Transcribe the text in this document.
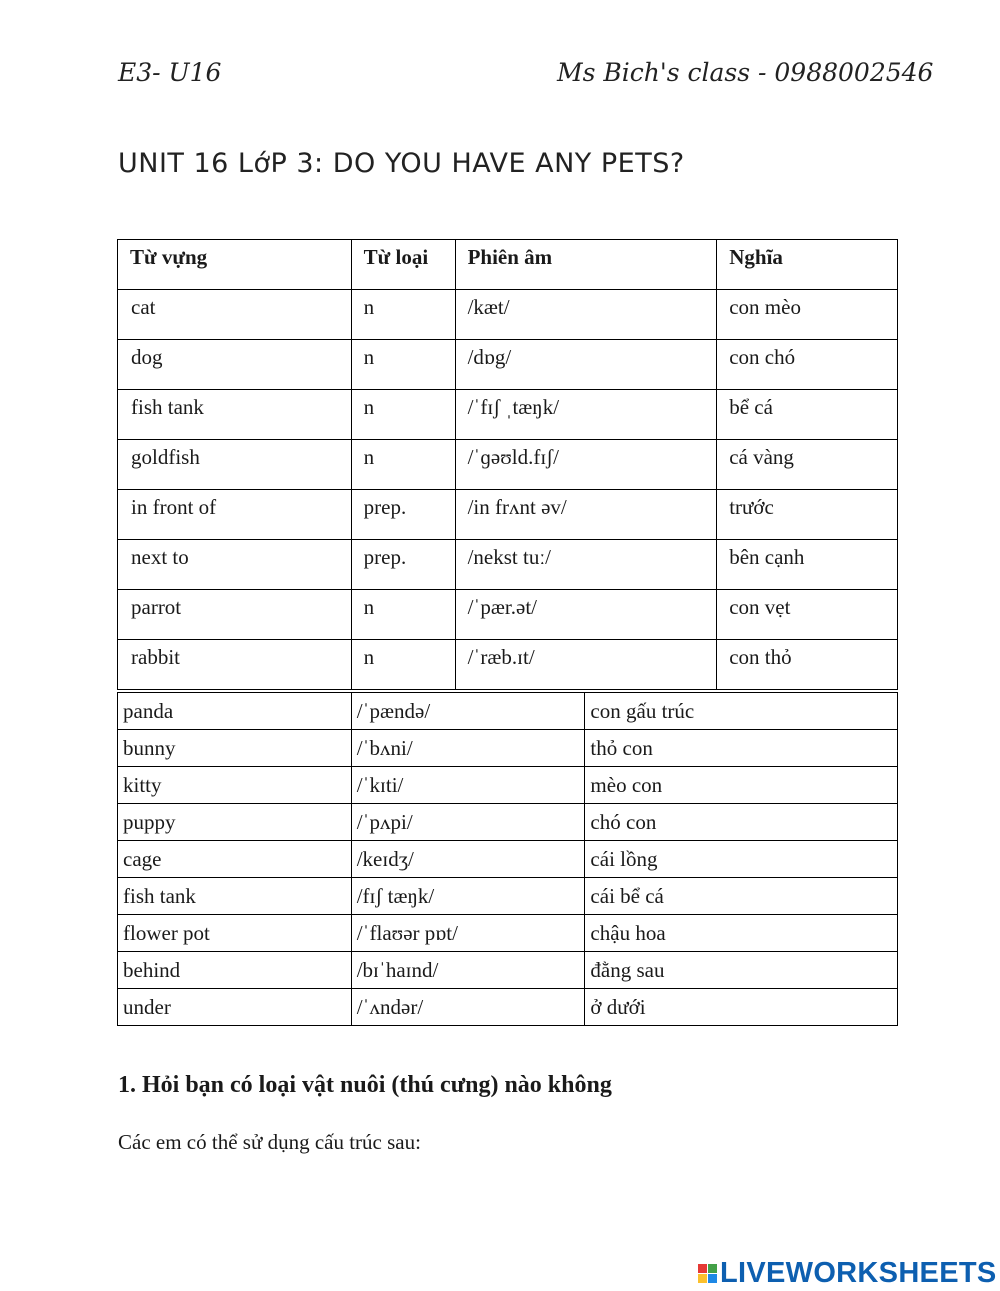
E3- U16	Ms Bich's class - 0988002546
UNIT 16 LớP 3: DO YOU HAVE ANY PETS?
Từ vựng	Từ loại	Phiên âm	Nghĩa
cat	n	/kæt/	con mèo
dog	n	/dɒg/	con chó
fish tank	n	/ˈfɪʃ ˌtæŋk/	bể cá
goldfish	n	/ˈɡəʊld.fɪʃ/	cá vàng
in front of	prep.	/in frʌnt əv/	trước
next to	prep.	/nekst tuː/	bên cạnh
parrot	n	/ˈpær.ət/	con vẹt
rabbit	n	/ˈræb.ɪt/	con thỏ
panda	/ˈpændə/	con gấu trúc
bunny	/ˈbʌni/	thỏ con
kitty	/ˈkɪti/	mèo con
puppy	/ˈpʌpi/	chó con
cage	/keɪdʒ/	cái lồng
fish tank	/fɪʃ tæŋk/	cái bể cá
flower pot	/ˈflaʊər pɒt/	chậu hoa
behind	/bɪˈhaɪnd/	đằng sau
under	/ˈʌndər/	ở dưới
1. Hỏi bạn có loại vật nuôi (thú cưng) nào không
Các em có thể sử dụng cấu trúc sau:
LIVEWORKSHEETS
